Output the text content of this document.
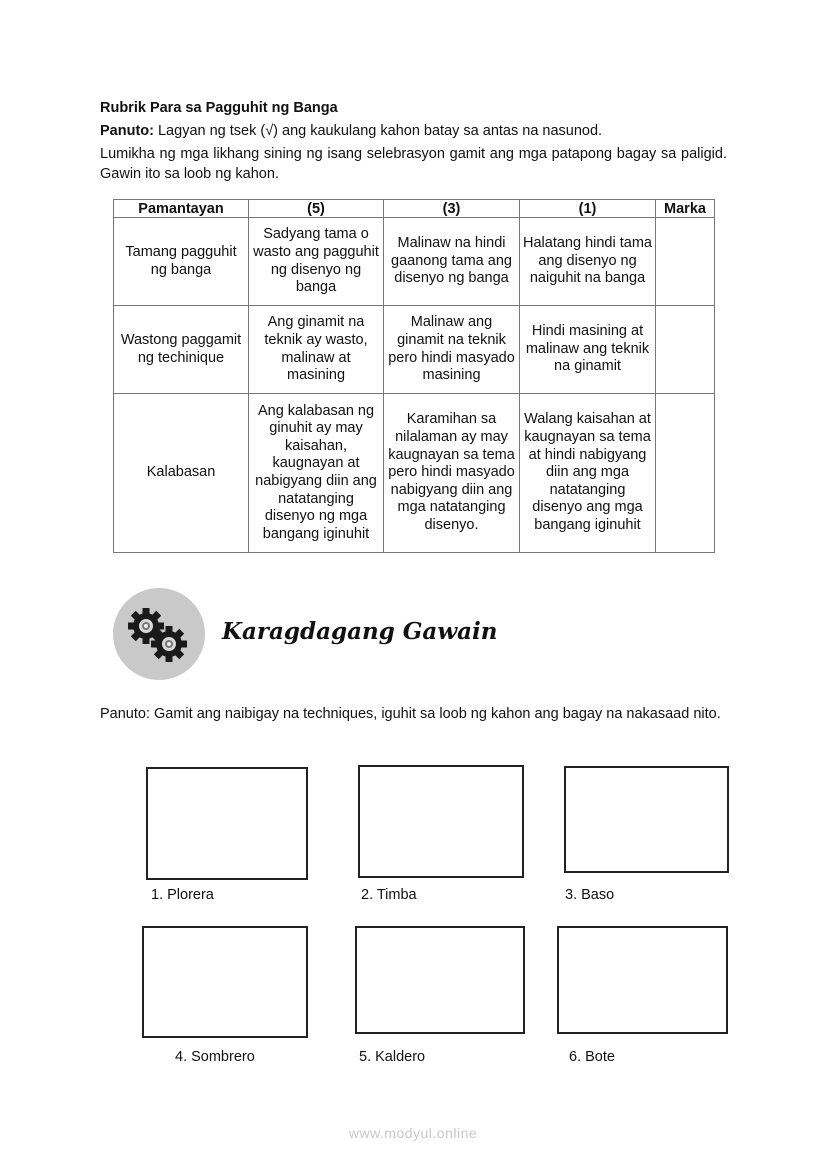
Rubrik Para sa Pagguhit ng Banga
Panuto: Lagyan ng tsek (√) ang kaukulang kahon batay sa antas na nasunod.
Lumikha ng mga likhang sining ng isang selebrasyon gamit ang mga patapong bagay sa paligid. Gawin ito sa loob ng kahon.
Pamantayan	(5)	(3)	(1)	Marka
Tamang pagguhit ng banga	Sadyang tama o wasto ang pagguhit ng disenyo ng banga	Malinaw na hindi gaanong tama ang disenyo ng banga	Halatang hindi tama ang disenyo ng naiguhit na banga	
Wastong paggamit ng techinique	Ang ginamit na teknik ay wasto, malinaw at masining	Malinaw ang ginamit na teknik pero hindi masyado masining	Hindi masining at malinaw ang teknik na ginamit	
Kalabasan	Ang kalabasan ng ginuhit ay may kaisahan, kaugnayan at nabigyang diin ang natatanging disenyo ng mga bangang iginuhit	Karamihan sa nilalaman ay may kaugnayan sa tema pero hindi masyado nabigyang diin ang mga natatanging disenyo.	Walang kaisahan at kaugnayan sa tema at hindi nabigyang diin ang mga natatanging disenyo ang mga bangang iginuhit	
Karagdagang Gawain
Panuto: Gamit ang naibigay na techniques, iguhit sa loob ng kahon ang bagay na nakasaad nito.
1. Plorera	2. Timba	3. Baso
4. Sombrero	5. Kaldero	6. Bote
www.modyul.online
